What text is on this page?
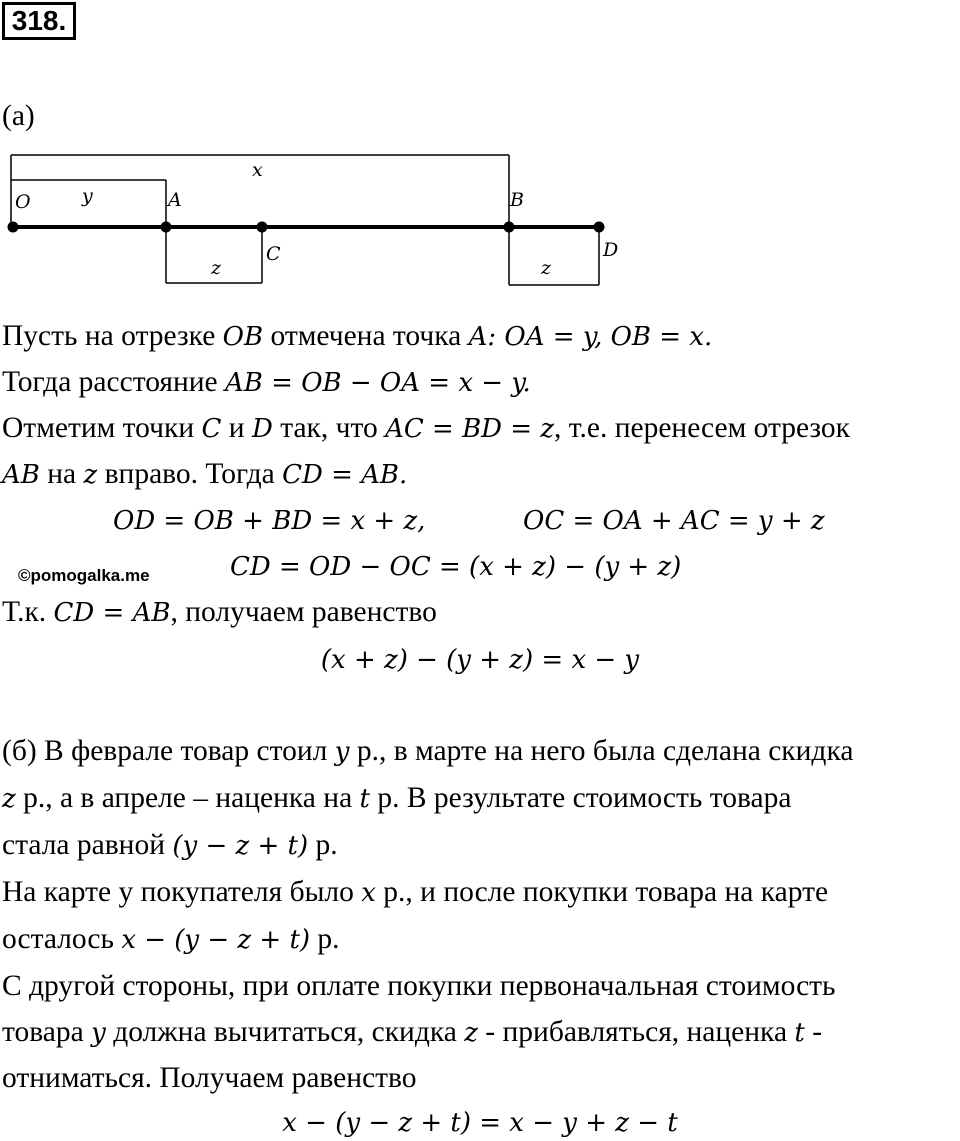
318.
(a)
O	A
C
B
D
x
y
z	z
Пусть на отрезке OB отмечена точка A: OA = y, OB = x.
Тогда расстояние AB = OB − OA = x − y.
Отметим точки C и D так, что AC = BD = z, т.е. перенесем отрезок
AB на z вправо. Тогда CD = AB.
OD = OB + BD = x + z,	OC = OA + AC = y + z
©pomogalka.me	CD = OD − OC = (x + z) − (y + z)
Т.к. CD = AB, получаем равенство
(x + z) − (y + z) = x − y
(б) В феврале товар стоил y р., в марте на него была сделана скидка
z р., а в апреле – наценка на t р. В результате стоимость товара
стала равной (y − z + t) р.
На карте у покупателя было x р., и после покупки товара на карте
осталось x − (y − z + t) р.
С другой стороны, при оплате покупки первоначальная стоимость
товара y должна вычитаться, скидка z - прибавляться, наценка t -
отниматься. Получаем равенство
x − (y − z + t) = x − y + z − t
